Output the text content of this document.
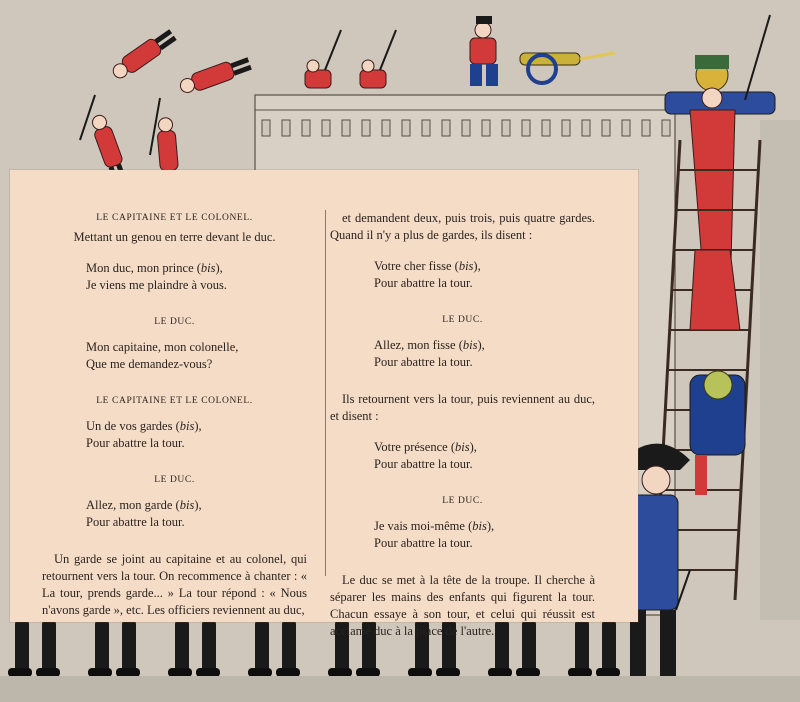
LE CAPITAINE ET LE COLONEL.

Mettant un genou en terre devant le duc.

Mon duc, mon prince (bis),

Je viens me plaindre à vous.

LE DUC.

Mon capitaine, mon colonelle,

Que me demandez-vous?

LE CAPITAINE ET LE COLONEL.

Un de vos gardes (bis),

Pour abattre la tour.

LE DUC.

Allez, mon garde (bis),

Pour abattre la tour.

Un garde se joint au capitaine et au colonel, qui retournent vers la tour. On recommence à chanter : « La tour, prends garde... » La tour répond : « Nous n'avons garde », etc. Les officiers reviennent au duc,

et demandent deux, puis trois, puis quatre gardes. Quand il n'y a plus de gardes, ils disent :

Votre cher fisse (bis),

Pour abattre la tour.

LE DUC.

Allez, mon fisse (bis),

Pour abattre la tour.

Ils retournent vers la tour, puis reviennent au duc, et disent :

Votre présence (bis),

Pour abattre la tour.

LE DUC.

Je vais moi-même (bis),

Pour abattre la tour.

Le duc se met à la tête de la troupe. Il cherche à séparer les mains des enfants qui figurent la tour. Chacun essaye à son tour, et celui qui réussit est acclamé duc à la place de l'autre.
